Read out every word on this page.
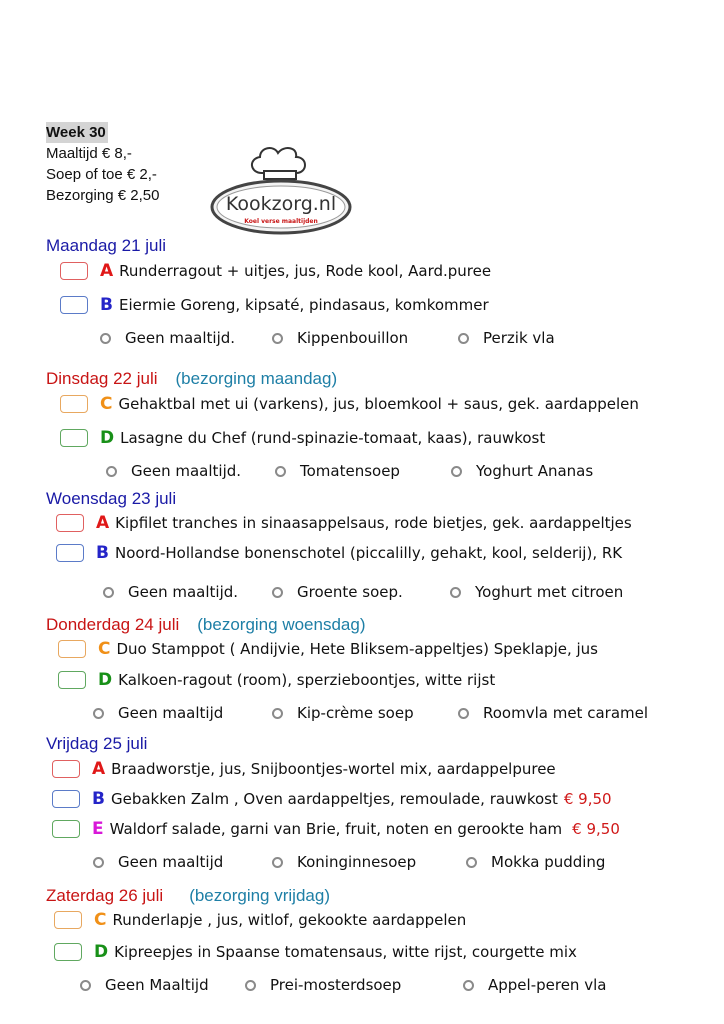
Week 30
Maaltijd € 8,-
Soep of toe € 2,-
Bezorging € 2,50	Kookzorg.nl
Koel verse maaltijden
Maandag 21 juli
A Runderragout + uitjes, jus, Rode kool, Aard.puree
B Eiermie Goreng, kipsaté, pindasaus, komkommer
Geen maaltijd.	Kippenbouillon	Perzik vla
Dinsdag 22 juli (bezorging maandag)
C Gehaktbal met ui (varkens), jus, bloemkool + saus, gek. aardappelen
D Lasagne du Chef (rund-spinazie-tomaat, kaas), rauwkost
Geen maaltijd.	Tomatensoep	Yoghurt Ananas
Woensdag 23 juli
A Kipfilet tranches in sinaasappelsaus, rode bietjes, gek. aardappeltjes
B Noord-Hollandse bonenschotel (piccalilly, gehakt, kool, selderij), RK
Geen maaltijd.	Groente soep.	Yoghurt met citroen
Donderdag 24 juli (bezorging woensdag)
C Duo Stamppot ( Andijvie, Hete Bliksem-appeltjes) Speklapje, jus
D Kalkoen-ragout (room), sperzieboontjes, witte rijst
Geen maaltijd	Kip-crème soep	Roomvla met caramel
Vrijdag 25 juli
A Braadworstje, jus, Snijboontjes-wortel mix, aardappelpuree
B Gebakken Zalm , Oven aardappeltjes, remoulade, rauwkost € 9,50
E Waldorf salade, garni van Brie, fruit, noten en gerookte ham € 9,50
Geen maaltijd	Koninginnesoep	Mokka pudding
Zaterdag 26 juli (bezorging vrijdag)
C Runderlapje , jus, witlof, gekookte aardappelen
D Kipreepjes in Spaanse tomatensaus, witte rijst, courgette mix
Geen Maaltijd	Prei-mosterdsoep	Appel-peren vla
